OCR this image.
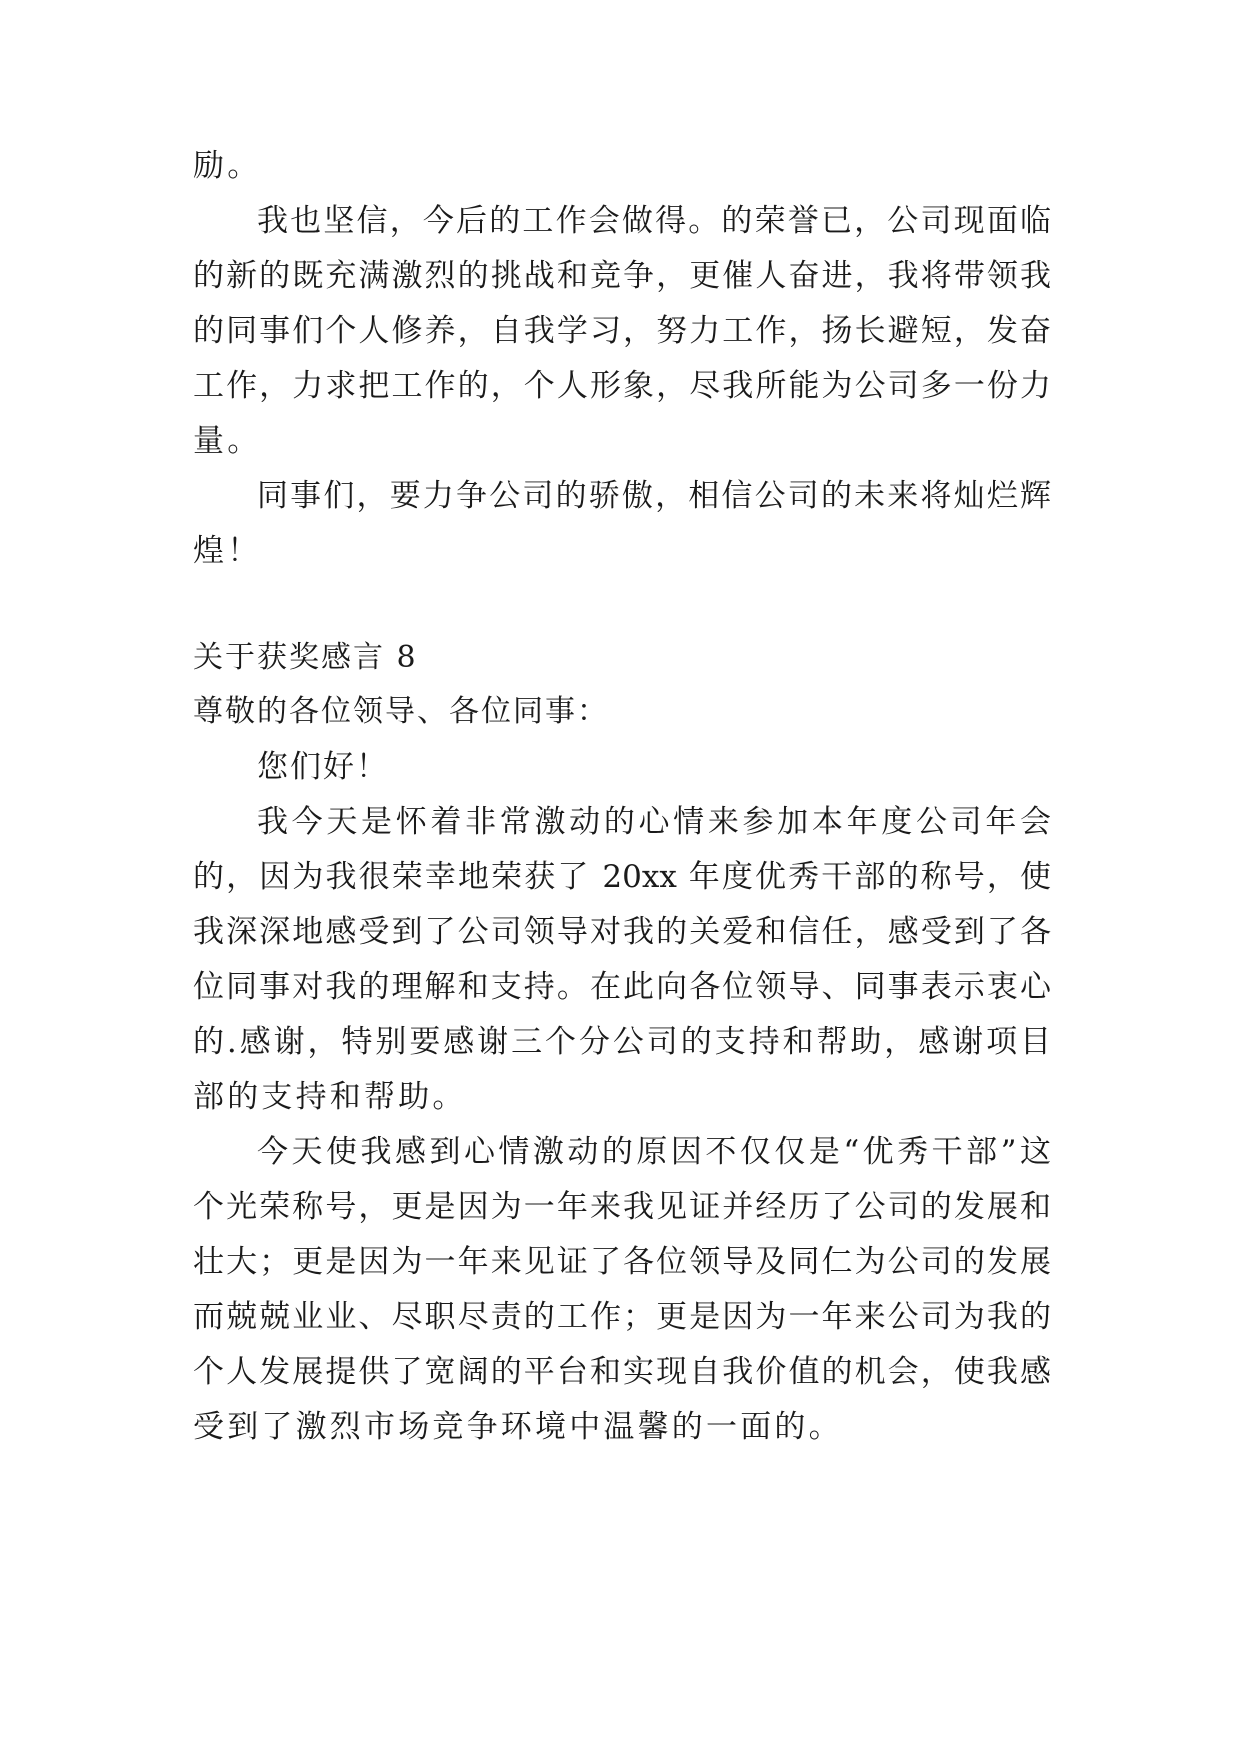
励。
我也坚信，今后的工作会做得。的荣誉已，公司现面临
的新的既充满激烈的挑战和竞争，更催人奋进，我将带领我
的同事们个人修养，自我学习，努力工作，扬长避短，发奋
工作，力求把工作的，个人形象，尽我所能为公司多一份力
量。
同事们，要力争公司的骄傲，相信公司的未来将灿烂辉
煌！
关于获奖感言 8
尊敬的各位领导、各位同事：
您们好！
我今天是怀着非常激动的心情来参加本年度公司年会
的，因为我很荣幸地荣获了 20xx 年度优秀干部的称号，使
我深深地感受到了公司领导对我的关爱和信任，感受到了各
位同事对我的理解和支持。在此向各位领导、同事表示衷心
的.感谢，特别要感谢三个分公司的支持和帮助，感谢项目
部的支持和帮助。
今天使我感到心情激动的原因不仅仅是“优秀干部”这
个光荣称号，更是因为一年来我见证并经历了公司的发展和
壮大；更是因为一年来见证了各位领导及同仁为公司的发展
而兢兢业业、尽职尽责的工作；更是因为一年来公司为我的
个人发展提供了宽阔的平台和实现自我价值的机会，使我感
受到了激烈市场竞争环境中温馨的一面的。
